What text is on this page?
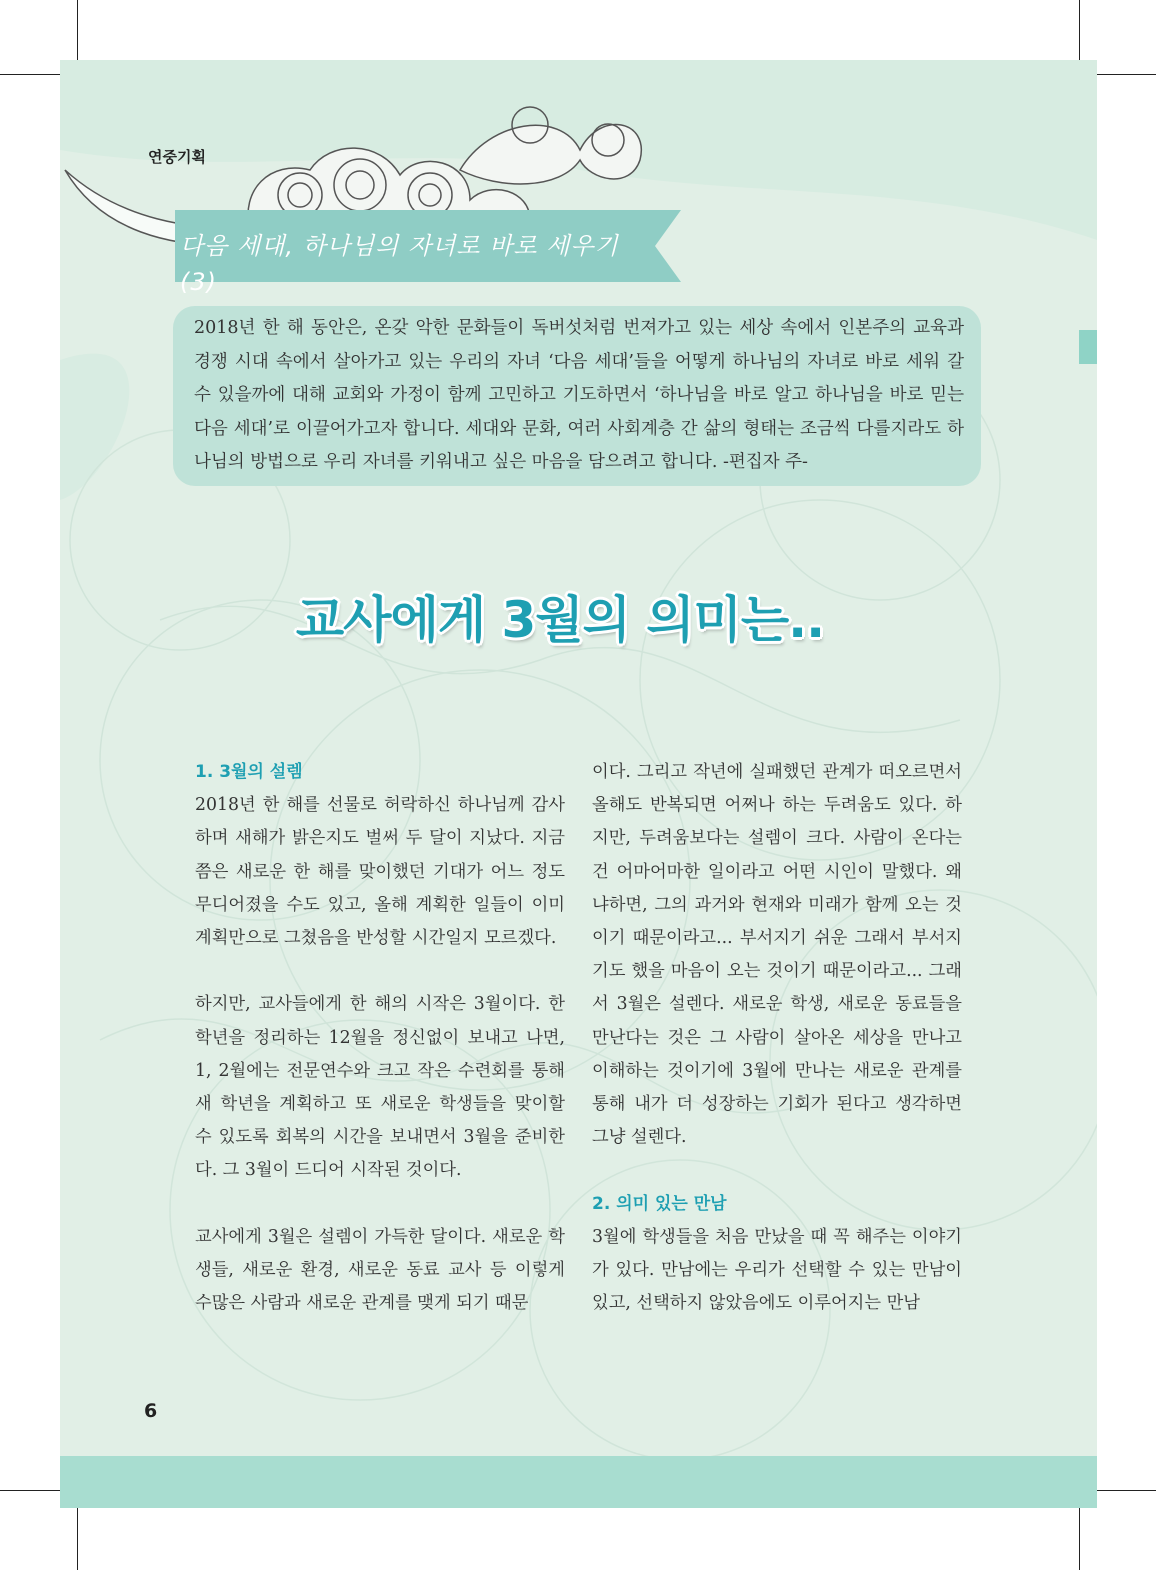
연중기획
다음 세대, 하나님의 자녀로 바로 세우기(3)
2018년 한 해 동안은, 온갖 악한 문화들이 독버섯처럼 번져가고 있는 세상 속에서 인본주의 교육과 경쟁 시대 속에서 살아가고 있는 우리의 자녀 ‘다음 세대’들을 어떻게 하나님의 자녀로 바로 세워 갈 수 있을까에 대해 교회와 가정이 함께 고민하고 기도하면서 ‘하나님을 바로 알고 하나님을 바로 믿는 다음 세대’로 이끌어가고자 합니다. 세대와 문화, 여러 사회계층 간 삶의 형태는 조금씩 다를지라도 하나님의 방법으로 우리 자녀를 키워내고 싶은 마음을 담으려고 합니다. -편집자 주-
교사에게 3월의 의미는..

1. 3월의 설렘

2018년 한 해를 선물로 허락하신 하나님께 감사하며 새해가 밝은지도 벌써 두 달이 지났다. 지금쯤은 새로운 한 해를 맞이했던 기대가 어느 정도 무디어졌을 수도 있고, 올해 계획한 일들이 이미 계획만으로 그쳤음을 반성할 시간일지 모르겠다.

하지만, 교사들에게 한 해의 시작은 3월이다. 한 학년을 정리하는 12월을 정신없이 보내고 나면, 1, 2월에는 전문연수와 크고 작은 수련회를 통해 새 학년을 계획하고 또 새로운 학생들을 맞이할 수 있도록 회복의 시간을 보내면서 3월을 준비한다. 그 3월이 드디어 시작된 것이다.

교사에게 3월은 설렘이 가득한 달이다. 새로운 학생들, 새로운 환경, 새로운 동료 교사 등 이렇게 수많은 사람과 새로운 관계를 맺게 되기 때문

이다. 그리고 작년에 실패했던 관계가 떠오르면서 올해도 반복되면 어쩌나 하는 두려움도 있다. 하지만, 두려움보다는 설렘이 크다. 사람이 온다는 건 어마어마한 일이라고 어떤 시인이 말했다. 왜냐하면, 그의 과거와 현재와 미래가 함께 오는 것이기 때문이라고... 부서지기 쉬운 그래서 부서지기도 했을 마음이 오는 것이기 때문이라고... 그래서 3월은 설렌다. 새로운 학생, 새로운 동료들을 만난다는 것은 그 사람이 살아온 세상을 만나고 이해하는 것이기에 3월에 만나는 새로운 관계를 통해 내가 더 성장하는 기회가 된다고 생각하면 그냥 설렌다.

2. 의미 있는 만남

3월에 학생들을 처음 만났을 때 꼭 해주는 이야기가 있다. 만남에는 우리가 선택할 수 있는 만남이 있고, 선택하지 않았음에도 이루어지는 만남

6
